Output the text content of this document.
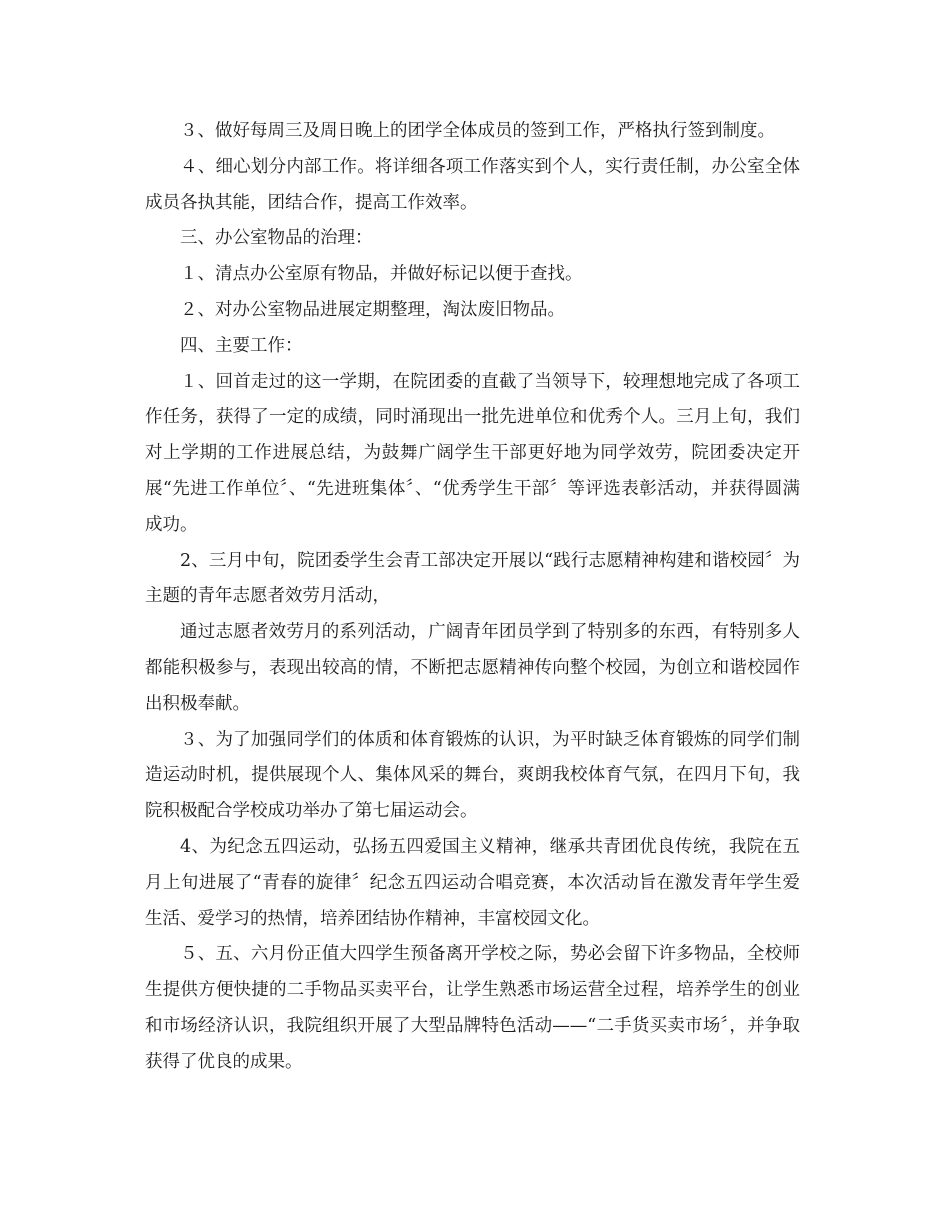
３、做好每周三及周日晚上的团学全体成员的签到工作，严格执行签到制度。

４、细心划分内部工作。将详细各项工作落实到个人，实行责任制，办公室全体成员各执其能，团结合作，提高工作效率。

三、办公室物品的治理：

１、清点办公室原有物品，并做好标记以便于查找。

２、对办公室物品进展定期整理，淘汰废旧物品。

四、主要工作：

１、回首走过的这一学期，在院团委的直截了当领导下，较理想地完成了各项工作任务，获得了一定的成绩，同时涌现出一批先进单位和优秀个人。三月上旬，我们对上学期的工作进展总结，为鼓舞广阔学生干部更好地为同学效劳，院团委决定开展“先进工作单位〞、“先进班集体〞、“优秀学生干部〞等评选表彰活动，并获得圆满成功。

2、三月中旬，院团委学生会青工部决定开展以“践行志愿精神构建和谐校园〞为主题的青年志愿者效劳月活动，

通过志愿者效劳月的系列活动，广阔青年团员学到了特别多的东西，有特别多人都能积极参与，表现出较高的情，不断把志愿精神传向整个校园，为创立和谐校园作出积极奉献。

３、为了加强同学们的体质和体育锻炼的认识，为平时缺乏体育锻炼的同学们制造运动时机，提供展现个人、集体风采的舞台，爽朗我校体育气氛，在四月下旬，我院积极配合学校成功举办了第七届运动会。

4、为纪念五四运动，弘扬五四爱国主义精神，继承共青团优良传统，我院在五月上旬进展了“青春的旋律〞纪念五四运动合唱竞赛，本次活动旨在激发青年学生爱生活、爱学习的热情，培养团结协作精神，丰富校园文化。

５、五、六月份正值大四学生预备离开学校之际，势必会留下许多物品，全校师生提供方便快捷的二手物品买卖平台，让学生熟悉市场运营全过程，培养学生的创业和市场经济认识，我院组织开展了大型品牌特色活动——“二手货买卖市场〞，并争取获得了优良的成果。
